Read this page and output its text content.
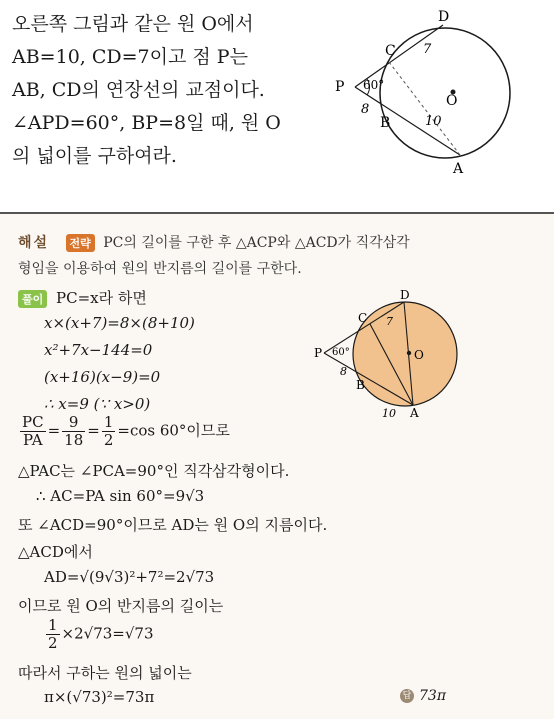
오른쪽 그림과 같은 원 O에서
AB=10, CD=7이고 점 P는
AB, CD의 연장선의 교점이다.
∠APD=60°, BP=8일 때, 원 O
의 넓이를 구하여라.
D
C
P
B
A
O
7
8
10
60°
해설 전략 PC의 길이를 구한 후 △ACP와 △ACD가 직각삼각
형임을 이용하여 원의 반지름의 길이를 구한다.
풀이 PC=x라 하면
x×(x+7)=8×(8+10)
x²+7x−144=0
(x+16)(x−9)=0
∴ x=9 (∵ x>0)
$\frac{PC}{PA} = \frac{9}{18} = \frac{1}{2} =\cos$ 60°이므로
△PAC는 ∠PCA=90°인 직각삼각형이다.
∴ AC=PA sin 60°=9√3
또 ∠ACD=90°이므로 AD는 원 O의 지름이다.
△ACD에서
AD=√(9√3)²+7²=2√73
이므로 원 O의 반지름의 길이는
$\frac{1}{2} \times 2√73=√73$
따라서 구하는 원의 넓이는
π×(√73)²=73π	답 73π
D
C
P
B
A
O
7
8
10
60°
